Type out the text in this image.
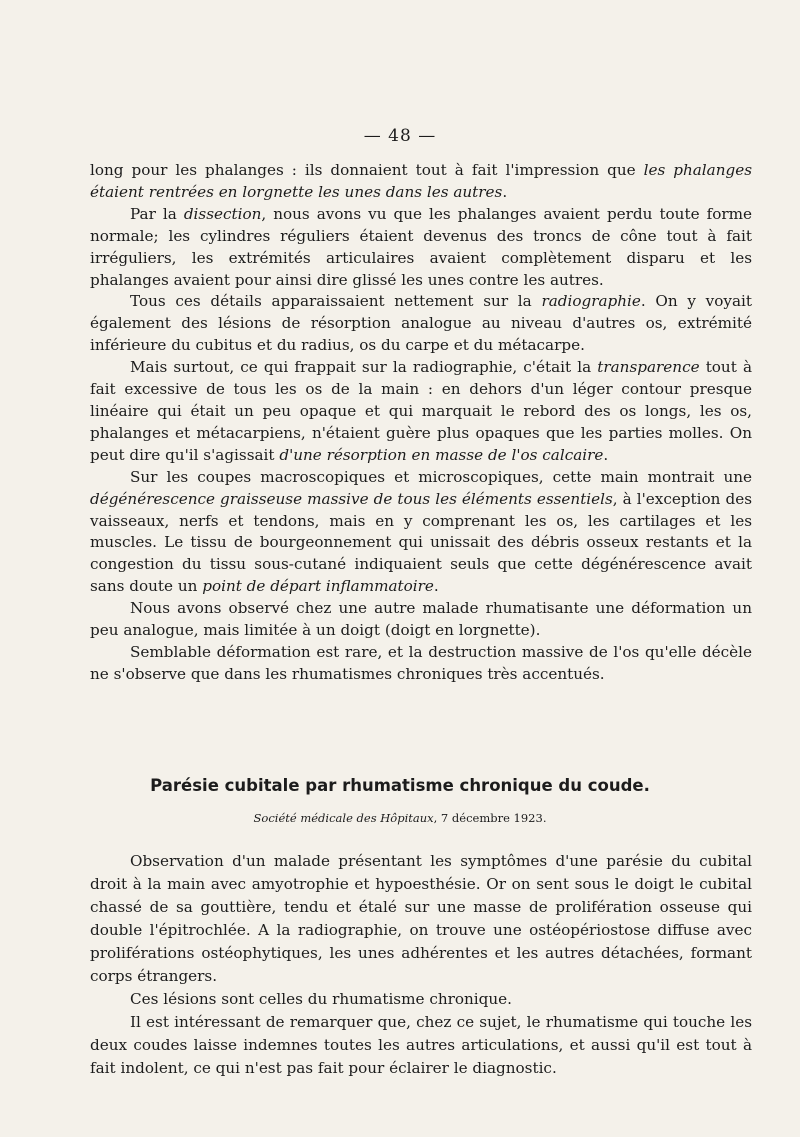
— 48 —

long pour les phalanges : ils donnaient tout à fait l'impression que les phalanges étaient rentrées en lorgnette les unes dans les autres.

Par la dissection, nous avons vu que les phalanges avaient perdu toute forme normale; les cylindres réguliers étaient devenus des troncs de cône tout à fait irréguliers, les extrémités articulaires avaient complètement disparu et les phalanges avaient pour ainsi dire glissé les unes contre les autres.

Tous ces détails apparaissaient nettement sur la radiographie. On y voyait également des lésions de résorption analogue au niveau d'autres os, extrémité inférieure du cubitus et du radius, os du carpe et du métacarpe.

Mais surtout, ce qui frappait sur la radiographie, c'était la transparence tout à fait excessive de tous les os de la main : en dehors d'un léger contour presque linéaire qui était un peu opaque et qui marquait le rebord des os longs, les os, phalanges et métacarpiens, n'étaient guère plus opaques que les parties molles. On peut dire qu'il s'agissait d'une résorption en masse de l'os calcaire.

Sur les coupes macroscopiques et microscopiques, cette main montrait une dégénérescence graisseuse massive de tous les éléments essentiels, à l'exception des vaisseaux, nerfs et tendons, mais en y comprenant les os, les cartilages et les muscles. Le tissu de bourgeonnement qui unissait des débris osseux restants et la congestion du tissu sous-cutané indiquaient seuls que cette dégénérescence avait sans doute un point de départ inflammatoire.

Nous avons observé chez une autre malade rhumatisante une déformation un peu analogue, mais limitée à un doigt (doigt en lorgnette).

Semblable déformation est rare, et la destruction massive de l'os qu'elle décèle ne s'observe que dans les rhumatismes chroniques très accentués.

Parésie cubitale par rhumatisme chronique du coude.
Société médicale des Hôpitaux, 7 décembre 1923.

Observation d'un malade présentant les symptômes d'une parésie du cubital droit à la main avec amyotrophie et hypoesthésie. Or on sent sous le doigt le cubital chassé de sa gouttière, tendu et étalé sur une masse de prolifération osseuse qui double l'épitrochlée. A la radiographie, on trouve une ostéopériostose diffuse avec proliférations ostéophytiques, les unes adhérentes et les autres détachées, formant corps étrangers.

Ces lésions sont celles du rhumatisme chronique.

Il est intéressant de remarquer que, chez ce sujet, le rhumatisme qui touche les deux coudes laisse indemnes toutes les autres articulations, et aussi qu'il est tout à fait indolent, ce qui n'est pas fait pour éclairer le diagnostic.
